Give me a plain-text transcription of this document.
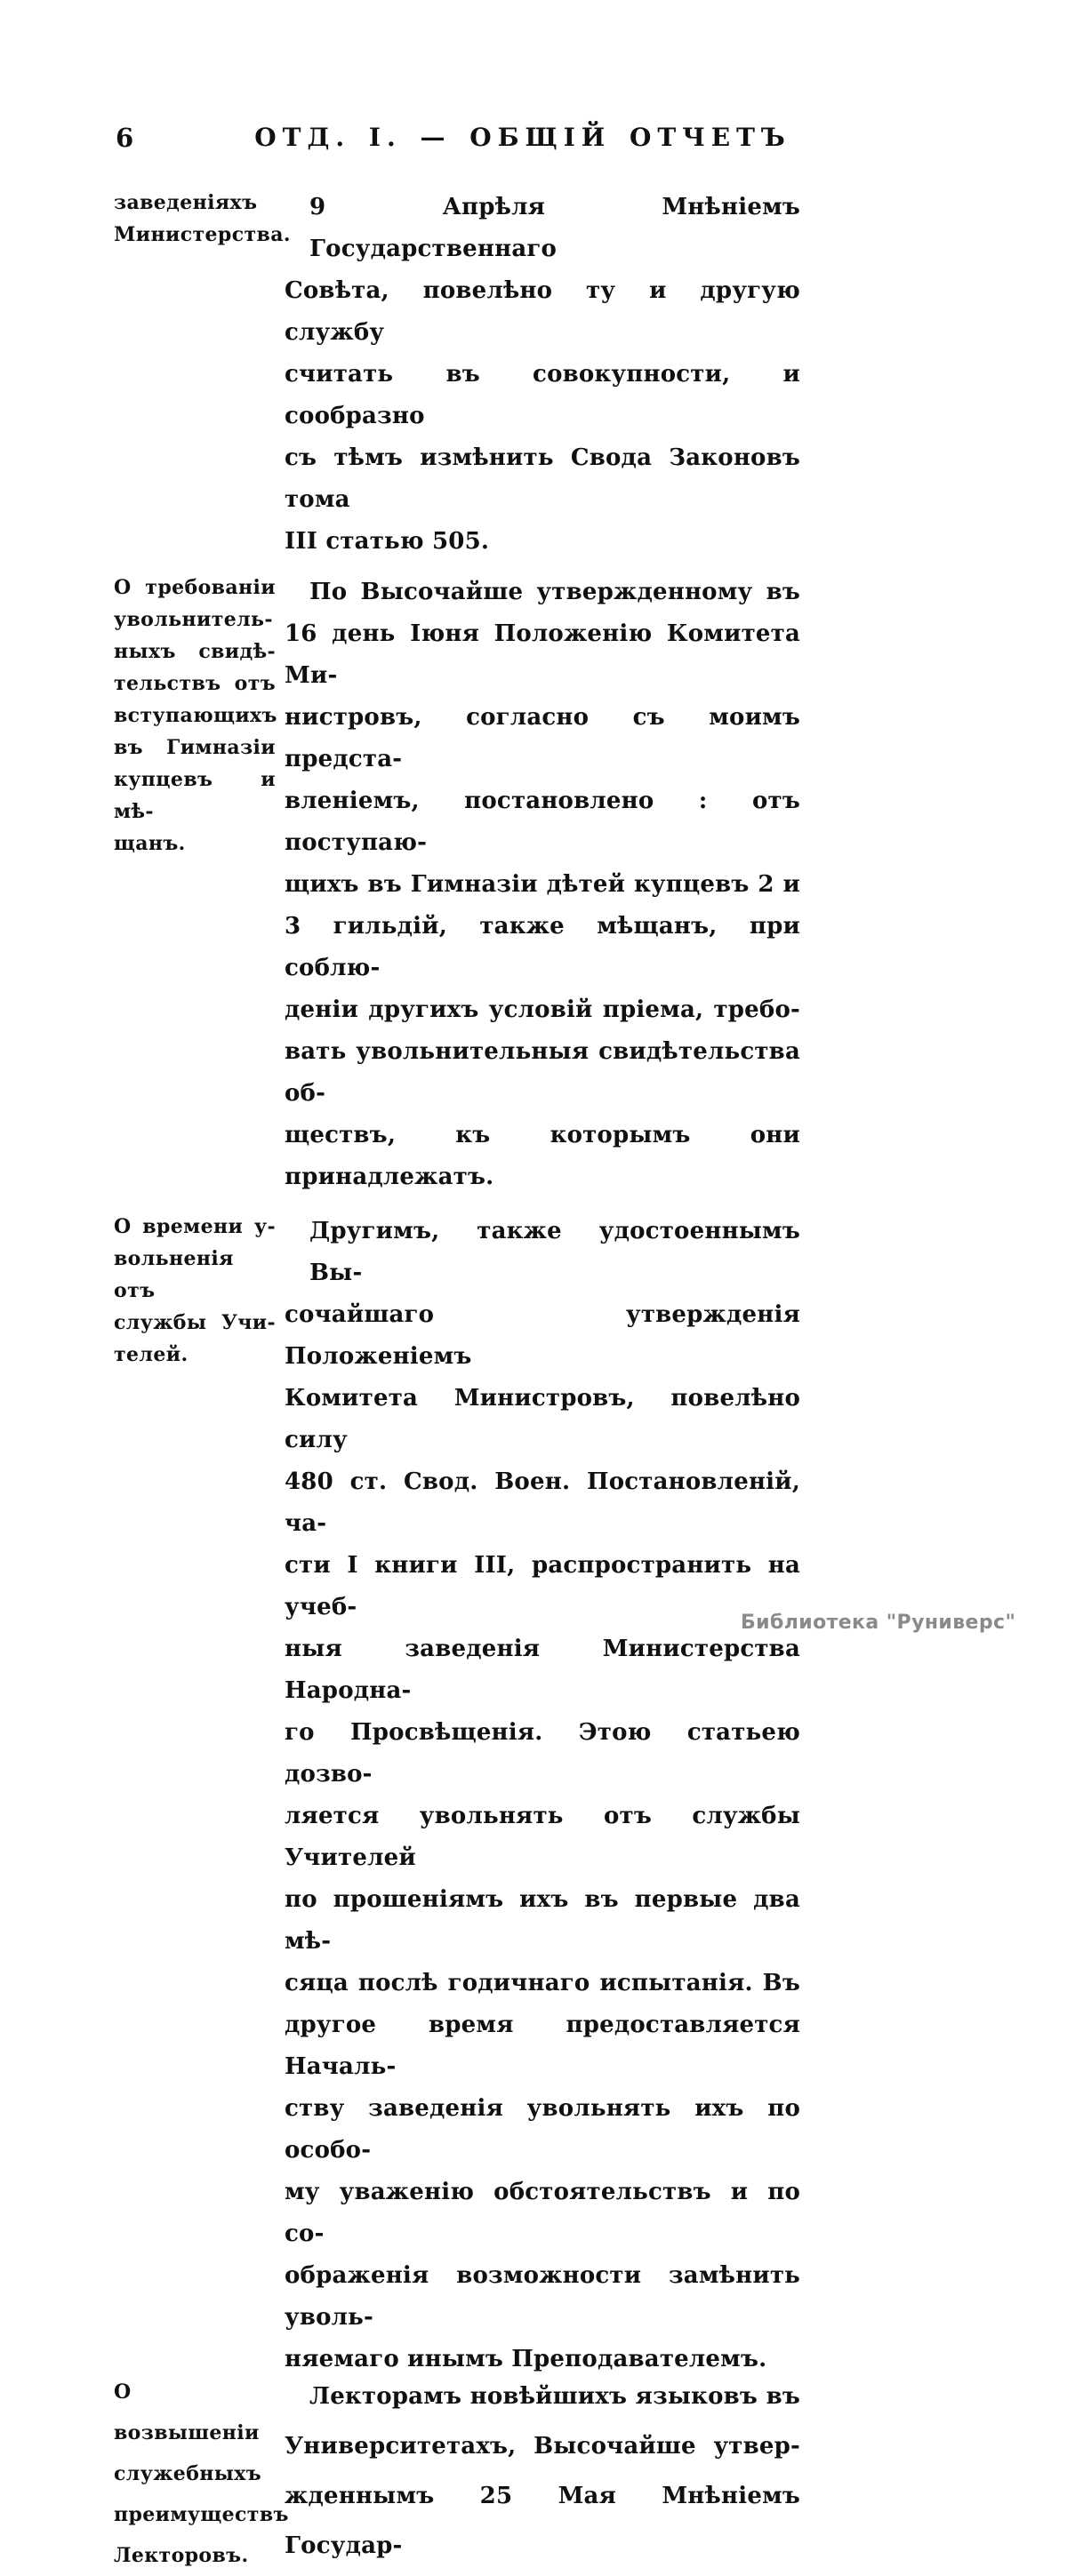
6	ОТД. I. — ОБЩІЙ ОТЧЕТЪ
заведеніяхъ
Министерства.
9 Апрѣля Мнѣніемъ Государственнаго
Совѣта, повелѣно ту и другую службу
считать въ совокупности, и сообразно
съ тѣмъ измѣнить Свода Законовъ тома
III статью 505.
О требованіи
увольнитель-
ныхъ свидѣ-
тельствъ отъ
вступающихъ
въ Гимназіи
купцевъ и мѣ-
щанъ.
По Высочайше утвержденному въ
16 день Іюня Положенію Комитета Ми-
нистровъ, согласно съ моимъ предста-
вленіемъ, постановлено : отъ поступаю-
щихъ въ Гимназіи дѣтей купцевъ 2 и
3 гильдій, также мѣщанъ, при соблю-
деніи другихъ условій пріема, требо-
вать увольнительныя свидѣтельства об-
ществъ, къ которымъ они принадлежатъ.
О времени у-
вольненія отъ
службы Учи-
телей.
Другимъ, также удостоеннымъ Вы-
сочайшаго утвержденія Положеніемъ
Комитета Министровъ, повелѣно силу
480 ст. Свод. Воен. Постановленій, ча-
сти I книги III, распространить на учеб-
ныя заведенія Министерства Народна-
го Просвѣщенія. Этою статьею дозво-
ляется увольнять отъ службы Учителей
по прошеніямъ ихъ въ первые два мѣ-
сяца послѣ годичнаго испытанія. Въ
другое время предоставляется Началь-
ству заведенія увольнять ихъ по особо-
му уваженію обстоятельствъ и по со-
ображенія возможности замѣнить уволь-
няемаго инымъ Преподавателемъ.
О возвышеніи
служебныхъ
преимуществъ
Лекторовъ.
Лекторамъ новѣйшихъ языковъ въ
Университетахъ, Высочайше утвер-
жденнымъ 25 Мая Мнѣніемъ Государ-
Библиотека "Руниверс"
